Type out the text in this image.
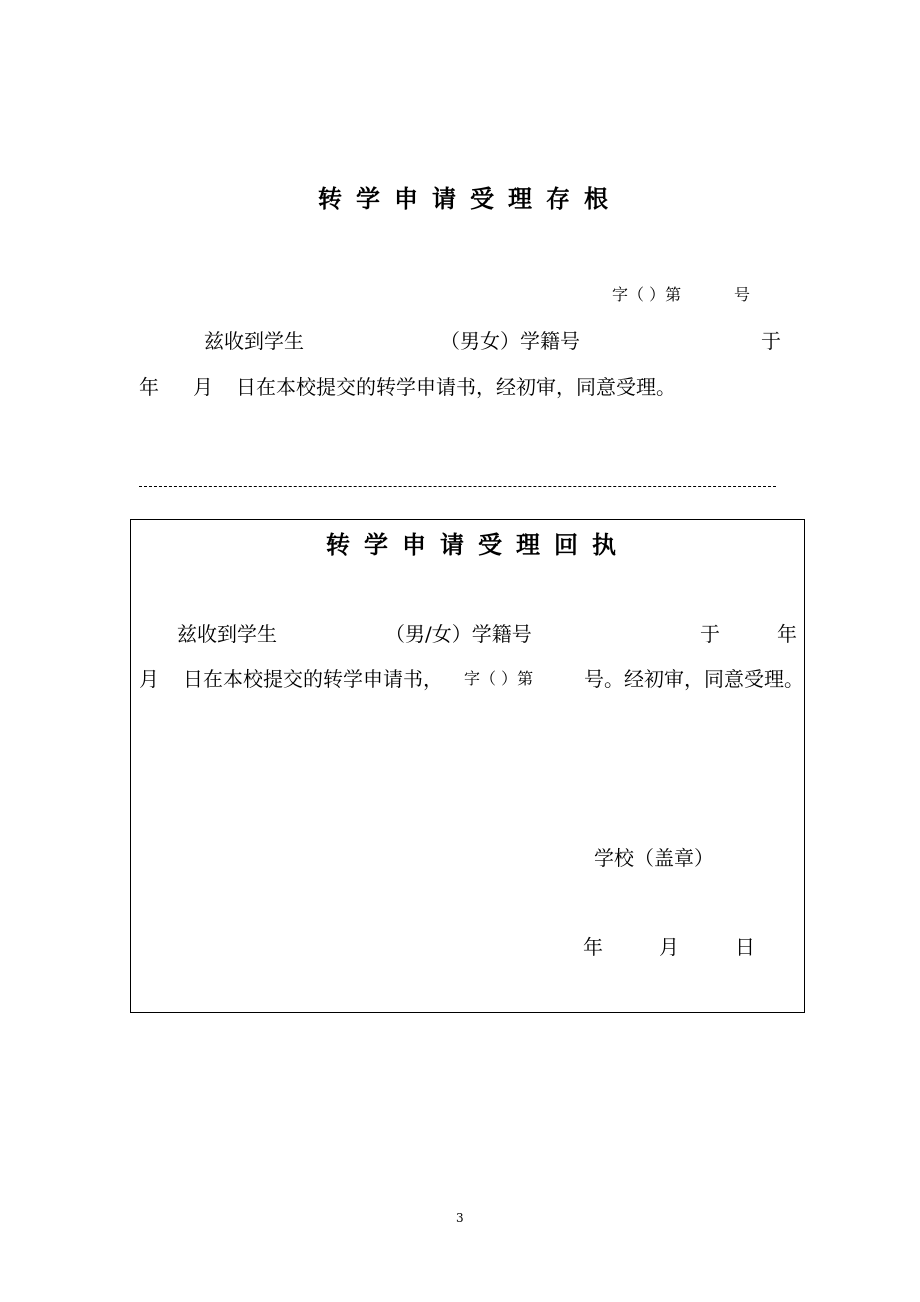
转学申请受理存根
字（ ）第	号
兹收到学生	（男女）学籍号	于
年 月 日在本校提交的转学申请书，经初审，同意受理。
转学申请受理回执
兹收到学生	（男/女）学籍号	于	年
月 日在本校提交的转学申请书， 字（ ）第	号。经初审，同意受理。
学校（盖章）
年	月	日
3
